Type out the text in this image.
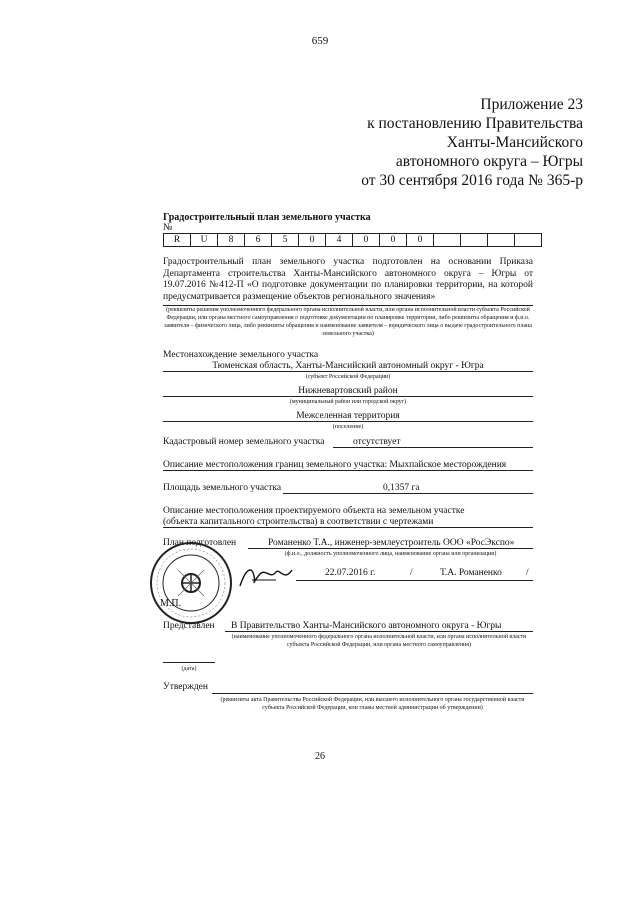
659
Приложение 23
к постановлению Правительства
Ханты-Мансийского
автономного округа – Югры
от 30 сентября 2016 года № 365-р
Градостроительный план земельного участка
№
R	U	8	6	5	0	4	0	0	0				
Градостроительный план земельного участка подготовлен на основании Приказа Департамента строительства Ханты-Мансийского автономного округа – Югры от 19.07.2016 №412-П «О подготовке документации по планировки территории, на которой предусматривается размещение объектов регионального значения»
(реквизиты решения уполномоченного федерального органа исполнительной власти, или органа исполнительной власти субъекта Российской Федерации, или органа местного самоуправления о подготовке документации по планировке территории, либо реквизиты обращения и ф.и.о. заявителя – физического лица, либо реквизиты обращения и наименование заявителя – юридического лица о выдаче градостроительного плана земельного участка)
Местонахождение земельного участка
Тюменская область, Ханты-Мансийский автономный округ - Югра
(субъект Российской Федерации)
Нижневартовский район
(муниципальный район или городской округ)
Межселенная территория
(поселение)
Кадастровый номер земельного участка	отсутствует
Описание местоположения границ земельного участка: Мыхпайское месторождения
Площадь земельного участка	0,1357 га
Описание местоположения проектируемого объекта на земельном участке
(объекта капитального строительства) в соответствии с чертежами
План подготовлен	Романенко Т.А., инженер-землеустроитель ООО «РосЭкспо»
(ф.и.о., должность уполномоченного лица, наименование органа или организации)
М.П.
22.07.2016 г.	/	Т.А. Романенко	/
Представлен	В Правительство Ханты-Мансийского автономного округа - Югры
(наименование уполномоченного федерального органа исполнительной власти, или органа исполнительной власти субъекта Российской Федерации, или органа местного самоуправления)
(дата)
Утвержден
(реквизиты акта Правительства Российской Федерации, или высшего исполнительного органа государственной власти субъекта Российской Федерации, или главы местной администрации об утверждении)
26
